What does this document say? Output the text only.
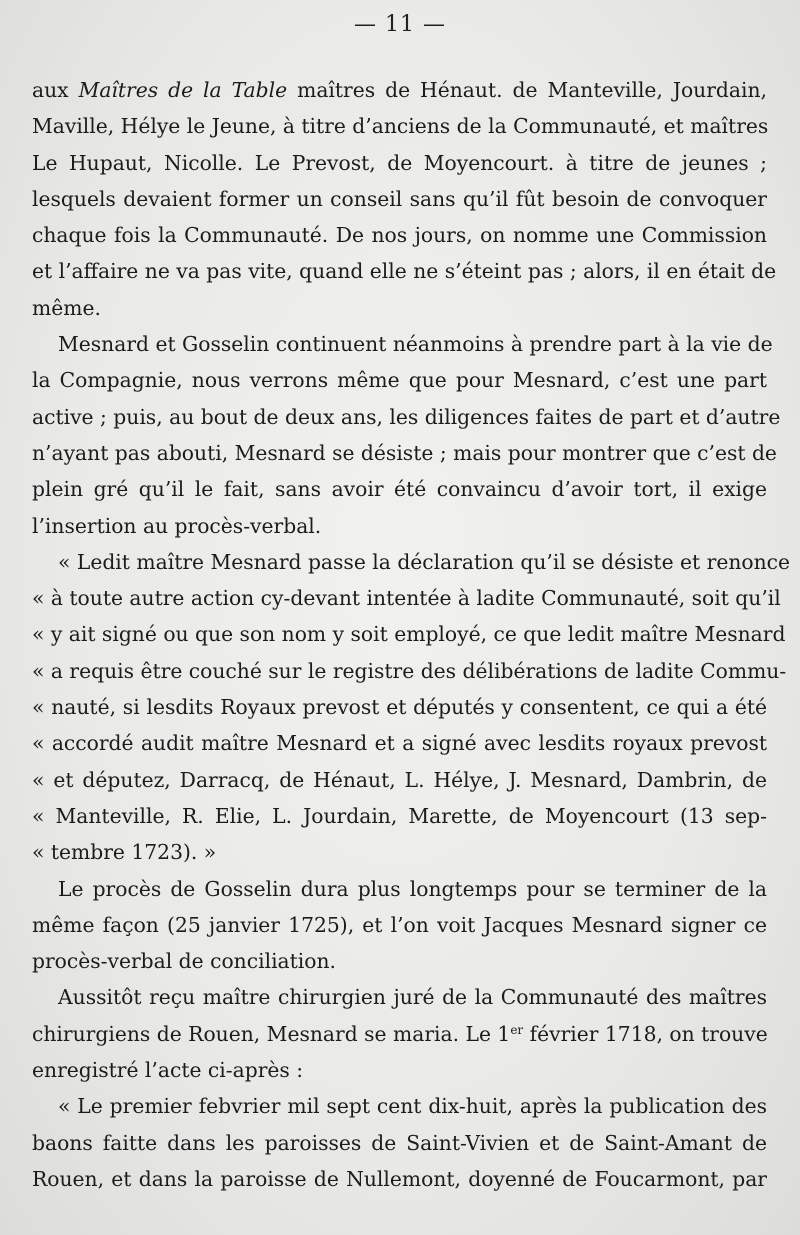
— 11 —
aux Maîtres de la Table maîtres de Hénaut. de Manteville, Jourdain,
Maville, Hélye le Jeune, à titre d’anciens de la Communauté, et maîtres
Le Hupaut, Nicolle. Le Prevost, de Moyencourt. à titre de jeunes ;
lesquels devaient former un conseil sans qu’il fût besoin de convoquer
chaque fois la Communauté. De nos jours, on nomme une Commission
et l’affaire ne va pas vite, quand elle ne s’éteint pas ; alors, il en était de
même.
Mesnard et Gosselin continuent néanmoins à prendre part à la vie de
la Compagnie, nous verrons même que pour Mesnard, c’est une part
active ; puis, au bout de deux ans, les diligences faites de part et d’autre
n’ayant pas abouti, Mesnard se désiste ; mais pour montrer que c’est de
plein gré qu’il le fait, sans avoir été convaincu d’avoir tort, il exige
l’insertion au procès-verbal.
« Ledit maître Mesnard passe la déclaration qu’il se désiste et renonce
« à toute autre action cy-devant intentée à ladite Communauté, soit qu’il
« y ait signé ou que son nom y soit employé, ce que ledit maître Mesnard
« a requis être couché sur le registre des délibérations de ladite Commu-
« nauté, si lesdits Royaux prevost et députés y consentent, ce qui a été
« accordé audit maître Mesnard et a signé avec lesdits royaux prevost
« et députez, Darracq, de Hénaut, L. Hélye, J. Mesnard, Dambrin, de
« Manteville, R. Elie, L. Jourdain, Marette, de Moyencourt (13 sep-
« tembre 1723). »
Le procès de Gosselin dura plus longtemps pour se terminer de la
même façon (25 janvier 1725), et l’on voit Jacques Mesnard signer ce
procès-verbal de conciliation.
Aussitôt reçu maître chirurgien juré de la Communauté des maîtres
chirurgiens de Rouen, Mesnard se maria. Le 1er février 1718, on trouve
enregistré l’acte ci-après :
« Le premier febvrier mil sept cent dix-huit, après la publication des
baons faitte dans les paroisses de Saint-Vivien et de Saint-Amant de
Rouen, et dans la paroisse de Nullemont, doyenné de Foucarmont, par
